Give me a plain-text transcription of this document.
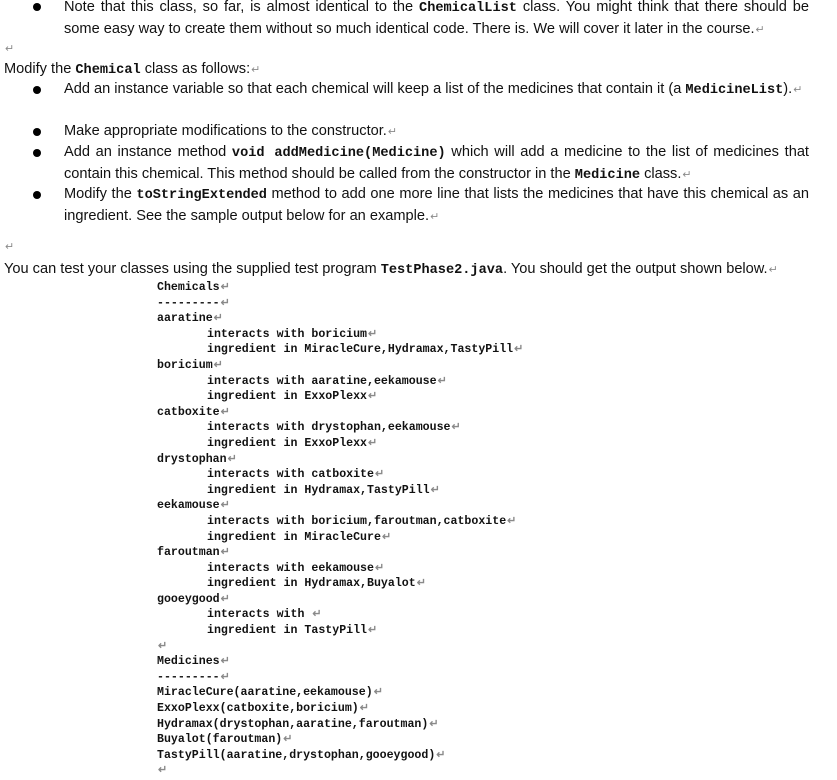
Note that this class, so far, is almost identical to the ChemicalList class. You might think that there should be some easy way to create them without so much identical code. There is. We will cover it later in the course.↵
↵
Modify the Chemical class as follows:↵
Add an instance variable so that each chemical will keep a list of the medicines that contain it (a MedicineList).↵
Make appropriate modifications to the constructor.↵
Add an instance method void addMedicine(Medicine) which will add a medicine to the list of medicines that contain this chemical. This method should be called from the constructor in the Medicine class.↵
Modify the toStringExtended method to add one more line that lists the medicines that have this chemical as an ingredient. See the sample output below for an example.↵
↵
You can test your classes using the supplied test program TestPhase2.java. You should get the output shown below.↵
Chemicals↵
---------↵
aaratine↵
interacts with boricium↵
ingredient in MiracleCure,Hydramax,TastyPill↵
boricium↵
interacts with aaratine,eekamouse↵
ingredient in ExxoPlexx↵
catboxite↵
interacts with drystophan,eekamouse↵
ingredient in ExxoPlexx↵
drystophan↵
interacts with catboxite↵
ingredient in Hydramax,TastyPill↵
eekamouse↵
interacts with boricium,faroutman,catboxite↵
ingredient in MiracleCure↵
faroutman↵
interacts with eekamouse↵
ingredient in Hydramax,Buyalot↵
gooeygood↵
interacts with ↵
ingredient in TastyPill↵
↵
Medicines↵
---------↵
MiracleCure(aaratine,eekamouse)↵
ExxoPlexx(catboxite,boricium)↵
Hydramax(drystophan,aaratine,faroutman)↵
Buyalot(faroutman)↵
TastyPill(aaratine,drystophan,gooeygood)↵
↵
